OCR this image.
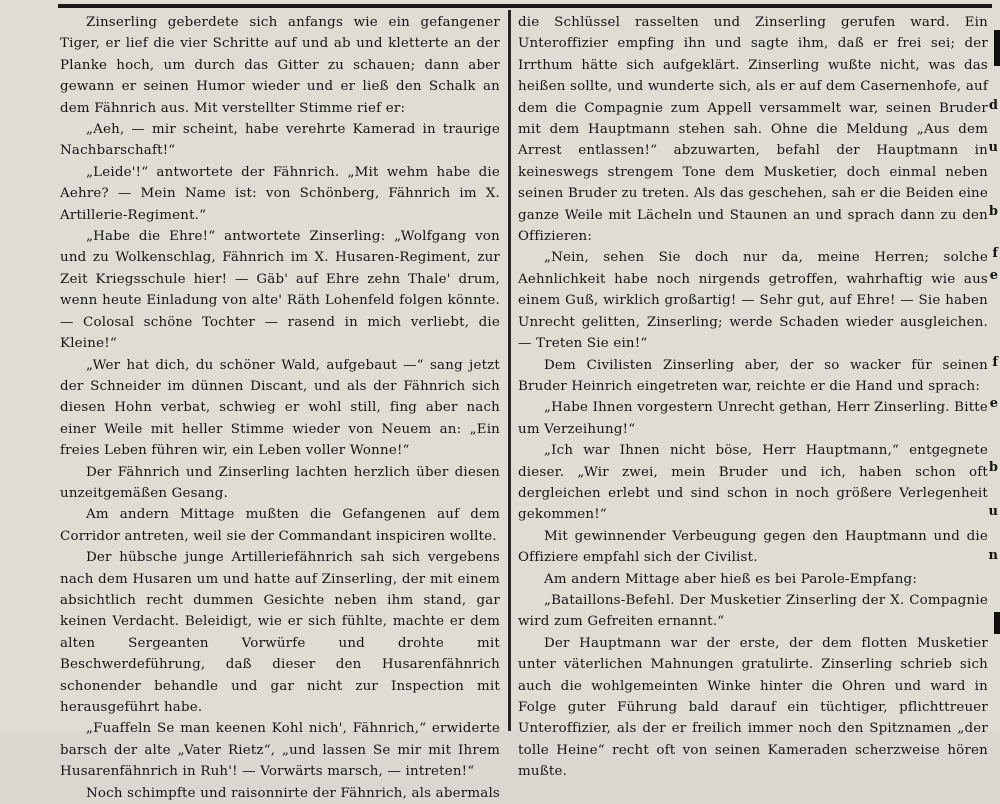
Zinserling geberdete sich anfangs wie ein gefangener Tiger, er lief die vier Schritte auf und ab und kletterte an der Planke hoch, um durch das Gitter zu schauen; dann aber gewann er seinen Humor wieder und er ließ den Schalk an dem Fähnrich aus. Mit verstellter Stimme rief er:

„Aeh, — mir scheint, habe verehrte Kamerad in traurige Nachbarschaft!“

„Leide'!“ antwortete der Fähnrich. „Mit wehm habe die Aehre? — Mein Name ist: von Schönberg, Fähnrich im X. Artillerie-Regiment.“

„Habe die Ehre!“ antwortete Zinserling: „Wolfgang von und zu Wolkenschlag, Fähnrich im X. Husaren-Regiment, zur Zeit Kriegsschule hier! — Gäb' auf Ehre zehn Thale' drum, wenn heute Einladung von alte' Räth Lohenfeld folgen könnte. — Colosal schöne Tochter — rasend in mich verliebt, die Kleine!“

„Wer hat dich, du schöner Wald, aufgebaut —“ sang jetzt der Schneider im dünnen Discant, und als der Fähnrich sich diesen Hohn verbat, schwieg er wohl still, fing aber nach einer Weile mit heller Stimme wieder von Neuem an: „Ein freies Leben führen wir, ein Leben voller Wonne!“

Der Fähnrich und Zinserling lachten herzlich über diesen unzeitgemäßen Gesang.

Am andern Mittage mußten die Gefangenen auf dem Corridor antreten, weil sie der Commandant inspiciren wollte.

Der hübsche junge Artilleriefähnrich sah sich vergebens nach dem Husaren um und hatte auf Zinserling, der mit einem absichtlich recht dummen Gesichte neben ihm stand, gar keinen Verdacht. Beleidigt, wie er sich fühlte, machte er dem alten Sergeanten Vorwürfe und drohte mit Beschwerdeführung, daß dieser den Husarenfähnrich schonender behandle und gar nicht zur Inspection mit herausgeführt habe.

„Fuaffeln Se man keenen Kohl nich', Fähnrich,“ erwiderte barsch der alte „Vater Rietz“, „und lassen Se mir mit Ihrem Husarenfähnrich in Ruh'! — Vorwärts marsch, — intreten!“

Noch schimpfte und raisonnirte der Fähnrich, als abermals

die Schlüssel rasselten und Zinserling gerufen ward. Ein Unteroffizier empfing ihn und sagte ihm, daß er frei sei; der Irrthum hätte sich aufgeklärt. Zinserling wußte nicht, was das heißen sollte, und wunderte sich, als er auf dem Casernenhofe, auf dem die Compagnie zum Appell versammelt war, seinen Bruder mit dem Hauptmann stehen sah. Ohne die Meldung „Aus dem Arrest entlassen!“ abzuwarten, befahl der Hauptmann in keineswegs strengem Tone dem Musketier, doch einmal neben seinen Bruder zu treten. Als das geschehen, sah er die Beiden eine ganze Weile mit Lächeln und Staunen an und sprach dann zu den Offizieren:

„Nein, sehen Sie doch nur da, meine Herren; solche Aehnlichkeit habe noch nirgends getroffen, wahrhaftig wie aus einem Guß, wirklich großartig! — Sehr gut, auf Ehre! — Sie haben Unrecht gelitten, Zinserling; werde Schaden wieder ausgleichen. — Treten Sie ein!“

Dem Civilisten Zinserling aber, der so wacker für seinen Bruder Heinrich eingetreten war, reichte er die Hand und sprach:

„Habe Ihnen vorgestern Unrecht gethan, Herr Zinserling. Bitte um Verzeihung!“

„Ich war Ihnen nicht böse, Herr Hauptmann,“ entgegnete dieser. „Wir zwei, mein Bruder und ich, haben schon oft dergleichen erlebt und sind schon in noch größere Verlegenheit gekommen!“

Mit gewinnender Verbeugung gegen den Hauptmann und die Offiziere empfahl sich der Civilist.

Am andern Mittage aber hieß es bei Parole-Empfang:

„Bataillons-Befehl. Der Musketier Zinserling der X. Compagnie wird zum Gefreiten ernannt.“

Der Hauptmann war der erste, der dem flotten Musketier unter väterlichen Mahnungen gratulirte. Zinserling schrieb sich auch die wohlgemeinten Winke hinter die Ohren und ward in Folge guter Führung bald darauf ein tüchtiger, pflichttreuer Unteroffizier, als der er freilich immer noch den Spitznamen „der tolle Heine“ recht oft von seinen Kameraden scherzweise hören mußte.

d
u
b
f
e
f
e
b
u
n
